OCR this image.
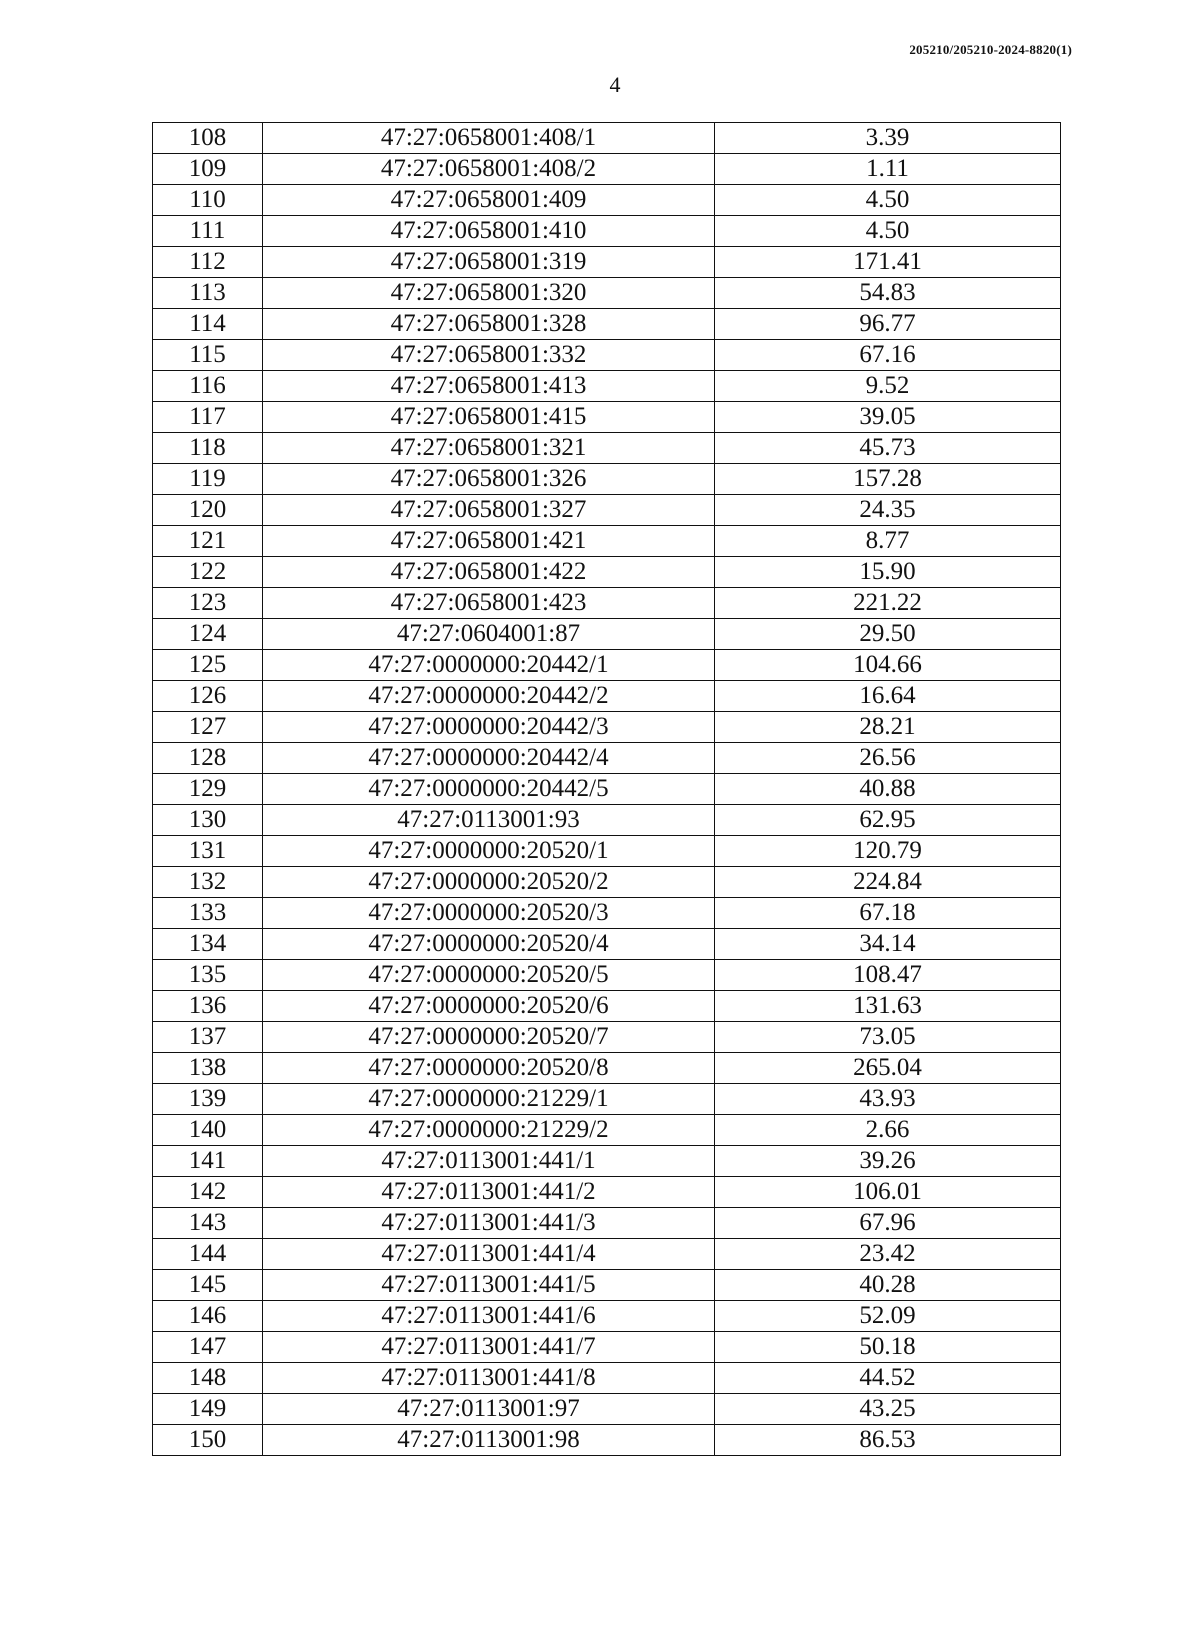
205210/205210-2024-8820(1)
4
108	47:27:0658001:408/1	3.39
109	47:27:0658001:408/2	1.11
110	47:27:0658001:409	4.50
111	47:27:0658001:410	4.50
112	47:27:0658001:319	171.41
113	47:27:0658001:320	54.83
114	47:27:0658001:328	96.77
115	47:27:0658001:332	67.16
116	47:27:0658001:413	9.52
117	47:27:0658001:415	39.05
118	47:27:0658001:321	45.73
119	47:27:0658001:326	157.28
120	47:27:0658001:327	24.35
121	47:27:0658001:421	8.77
122	47:27:0658001:422	15.90
123	47:27:0658001:423	221.22
124	47:27:0604001:87	29.50
125	47:27:0000000:20442/1	104.66
126	47:27:0000000:20442/2	16.64
127	47:27:0000000:20442/3	28.21
128	47:27:0000000:20442/4	26.56
129	47:27:0000000:20442/5	40.88
130	47:27:0113001:93	62.95
131	47:27:0000000:20520/1	120.79
132	47:27:0000000:20520/2	224.84
133	47:27:0000000:20520/3	67.18
134	47:27:0000000:20520/4	34.14
135	47:27:0000000:20520/5	108.47
136	47:27:0000000:20520/6	131.63
137	47:27:0000000:20520/7	73.05
138	47:27:0000000:20520/8	265.04
139	47:27:0000000:21229/1	43.93
140	47:27:0000000:21229/2	2.66
141	47:27:0113001:441/1	39.26
142	47:27:0113001:441/2	106.01
143	47:27:0113001:441/3	67.96
144	47:27:0113001:441/4	23.42
145	47:27:0113001:441/5	40.28
146	47:27:0113001:441/6	52.09
147	47:27:0113001:441/7	50.18
148	47:27:0113001:441/8	44.52
149	47:27:0113001:97	43.25
150	47:27:0113001:98	86.53
